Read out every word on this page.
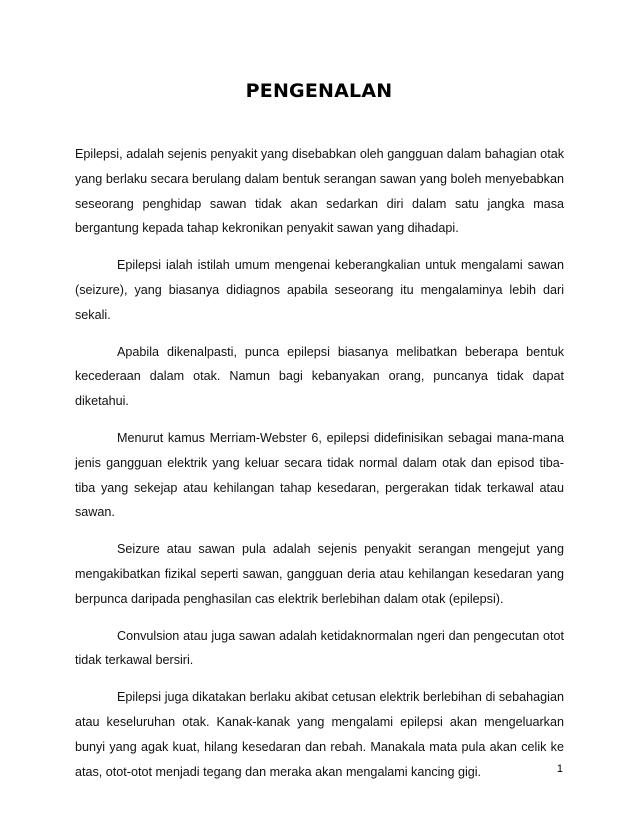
PENGENALAN

Epilepsi, adalah sejenis penyakit yang disebabkan oleh gangguan dalam bahagian otak yang berlaku secara berulang dalam bentuk serangan sawan yang boleh menyebabkan seseorang penghidap sawan tidak akan sedarkan diri dalam satu jangka masa bergantung kepada tahap kekronikan penyakit sawan yang dihadapi.

Epilepsi ialah istilah umum mengenai keberangkalian untuk mengalami sawan (seizure), yang biasanya didiagnos apabila seseorang itu mengalaminya lebih dari sekali.

Apabila dikenalpasti, punca epilepsi biasanya melibatkan beberapa bentuk kecederaan dalam otak. Namun bagi kebanyakan orang, puncanya tidak dapat diketahui.

Menurut kamus Merriam-Webster 6, epilepsi didefinisikan sebagai mana-mana jenis gangguan elektrik yang keluar secara tidak normal dalam otak dan episod tiba-tiba yang sekejap atau kehilangan tahap kesedaran, pergerakan tidak terkawal atau sawan.

Seizure atau sawan pula adalah sejenis penyakit serangan mengejut yang mengakibatkan fizikal seperti sawan, gangguan deria atau kehilangan kesedaran yang berpunca daripada penghasilan cas elektrik berlebihan dalam otak (epilepsi).

Convulsion atau juga sawan adalah ketidaknormalan ngeri dan pengecutan otot tidak terkawal bersiri.

Epilepsi juga dikatakan berlaku akibat cetusan elektrik berlebihan di sebahagian atau keseluruhan otak. Kanak-kanak yang mengalami epilepsi akan mengeluarkan bunyi yang agak kuat, hilang kesedaran dan rebah. Manakala mata pula akan celik ke atas, otot-otot menjadi tegang dan meraka akan mengalami kancing gigi.	1
